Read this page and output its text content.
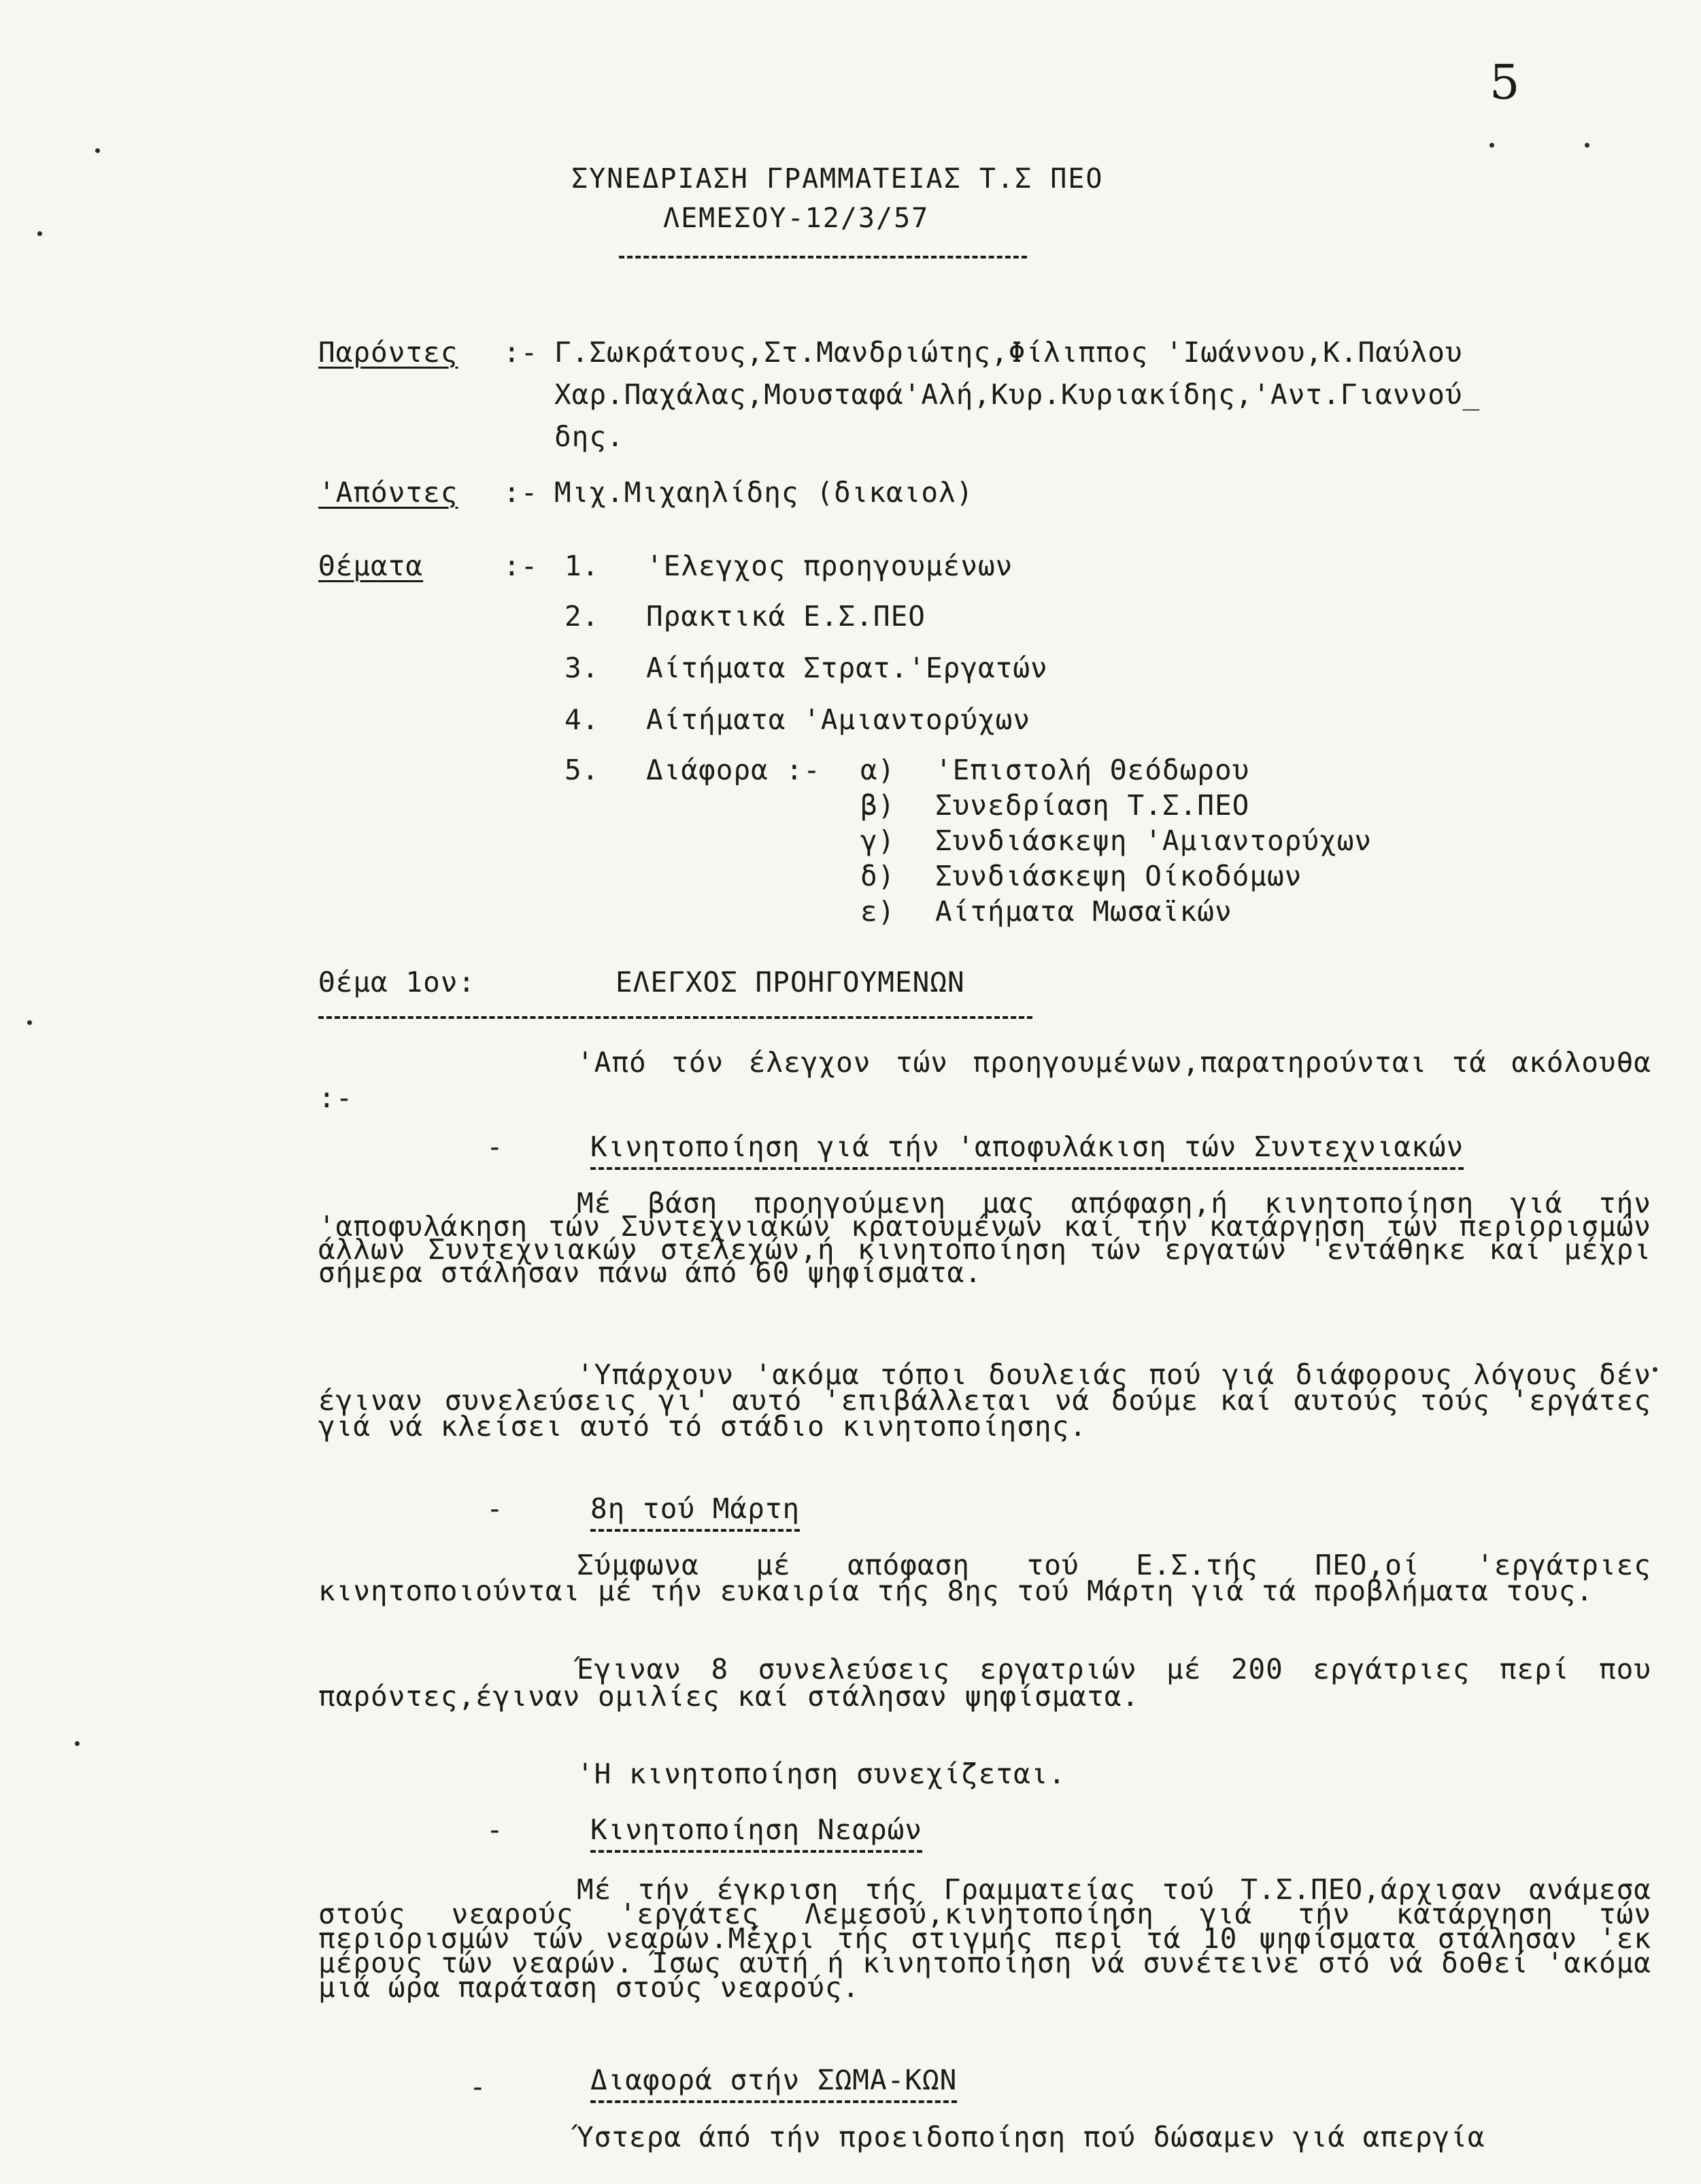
5
ΣΥΝΕΔΡΙΑΣΗ ΓΡΑΜΜΑΤΕΙΑΣ Τ.Σ ΠΕΟ
ΛΕΜΕΣΟΥ-12/3/57
Παρόντες :- Γ.Σωκράτους,Στ.Μανδριώτης,Φίλιππος 'Ιωάννου,Κ.Παύλου
Χαρ.Παχάλας,Μουσταφά'Αλή,Κυρ.Κυριακίδης,'Αντ.Γιαννού_
δης.
'Απόντες :- Μιχ.Μιχαηλίδης (δικαιολ)
Θέματα	:- 1. 'Ελεγχος προηγουμένων
2. Πρακτικά Ε.Σ.ΠΕΟ
3. Αίτήματα Στρατ.'Εργατών
4. Αίτήματα 'Αμιαντορύχων
5. Διάφορα :- α) 'Επιστολή Θεόδωρου
β) Συνεδρίαση Τ.Σ.ΠΕΟ
γ) Συνδιάσκεψη 'Αμιαντορύχων
δ) Συνδιάσκεψη Οίκοδόμων
ε) Αίτήματα Μωσαϊκών
Θέμα 1ον:	ΕΛΕΓΧΟΣ ΠΡΟΗΓΟΥΜΕΝΩΝ
'Από τόν έλεγχον τών προηγουμένων,παρατηρούνται τά ακόλουθα :-
-	Κινητοποίηση γιά τήν 'αποφυλάκιση τών Συντεχνιακών
Μέ βάση προηγούμενη μας απόφαση,ή κινητοποίηση γιά τήν 'αποφυλάκηση τών Συντεχνιακών κρατουμένων καί τήν κατάργηση τών περιορισμών άλλων Συντεχνιακών στελεχών,ή κινητοποίηση τών εργατών 'εντάθηκε καί μέχρι σήμερα στάλησαν πάνω άπό 60 ψηφίσματα.
'Υπάρχουν 'ακόμα τόποι δουλειάς πού γιά διάφορους λόγους δέν έγιναν συνελεύσεις γι' αυτό 'επιβάλλεται νά δούμε καί αυτούς τούς 'εργάτες γιά νά κλείσει αυτό τό στάδιο κινητοποίησης.
-	8η τού Μάρτη
Σύμφωνα μέ απόφαση τού Ε.Σ.τής ΠΕΟ,οί 'εργάτριες κινητοποιούνται μέ τήν ευκαιρία τής 8ης τού Μάρτη γιά τά προβλήματα τους.
Έγιναν 8 συνελεύσεις εργατριών μέ 200 εργάτριες περί που παρόντες,έγιναν ομιλίες καί στάλησαν ψηφίσματα.
'Η κινητοποίηση συνεχίζεται.
-	Κινητοποίηση Νεαρών
Μέ τήν έγκριση τής Γραμματείας τού Τ.Σ.ΠΕΟ,άρχισαν ανάμεσα στούς νεαρούς 'εργάτες Λεμεσού,κινητοποίηση γιά τήν κατάργηση τών περιορισμών τών νεαρών.Μέχρι τής στιγμής περί τά 10 ψηφίσματα στάλησαν 'εκ μέρους τών νεαρών. Ίσως αυτή ή κινητοποίηση νά συνέτεινε στό νά δοθεί 'ακόμα μιά ώρα παράταση στούς νεαρούς.
-	Διαφορά στήν ΣΩΜΑ-ΚΩΝ
Ύστερα άπό τήν προειδοποίηση πού δώσαμεν γιά απεργία
